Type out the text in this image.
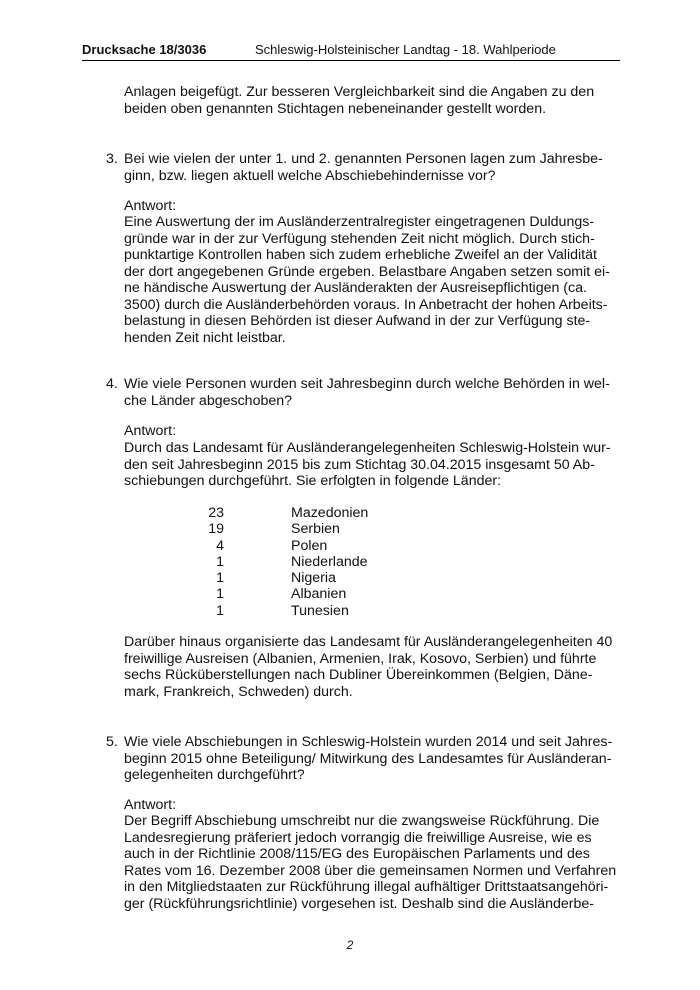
Drucksache 18/3036	Schleswig-Holsteinischer Landtag - 18. Wahlperiode
Anlagen beigefügt. Zur besseren Vergleichbarkeit sind die Angaben zu den
beiden oben genannten Stichtagen nebeneinander gestellt worden.
3. Bei wie vielen der unter 1. und 2. genannten Personen lagen zum Jahresbe-
ginn, bzw. liegen aktuell welche Abschiebehindernisse vor?
Antwort:
Eine Auswertung der im Ausländerzentralregister eingetragenen Duldungs-
gründe war in der zur Verfügung stehenden Zeit nicht möglich. Durch stich-
punktartige Kontrollen haben sich zudem erhebliche Zweifel an der Validität
der dort angegebenen Gründe ergeben. Belastbare Angaben setzen somit ei-
ne händische Auswertung der Ausländerakten der Ausreisepflichtigen (ca.
3500) durch die Ausländerbehörden voraus. In Anbetracht der hohen Arbeits-
belastung in diesen Behörden ist dieser Aufwand in der zur Verfügung ste-
henden Zeit nicht leistbar.
4. Wie viele Personen wurden seit Jahresbeginn durch welche Behörden in wel-
che Länder abgeschoben?
Antwort:
Durch das Landesamt für Ausländerangelegenheiten Schleswig-Holstein wur-
den seit Jahresbeginn 2015 bis zum Stichtag 30.04.2015 insgesamt 50 Ab-
schiebungen durchgeführt. Sie erfolgten in folgende Länder:
23	Mazedonien
19	Serbien
4	Polen
1	Niederlande
1	Nigeria
1	Albanien
1	Tunesien
Darüber hinaus organisierte das Landesamt für Ausländerangelegenheiten 40
freiwillige Ausreisen (Albanien, Armenien, Irak, Kosovo, Serbien) und führte
sechs Rücküberstellungen nach Dubliner Übereinkommen (Belgien, Däne-
mark, Frankreich, Schweden) durch.
5. Wie viele Abschiebungen in Schleswig-Holstein wurden 2014 und seit Jahres-
beginn 2015 ohne Beteiligung/ Mitwirkung des Landesamtes für Ausländeran-
gelegenheiten durchgeführt?
Antwort:
Der Begriff Abschiebung umschreibt nur die zwangsweise Rückführung. Die
Landesregierung präferiert jedoch vorrangig die freiwillige Ausreise, wie es
auch in der Richtlinie 2008/115/EG des Europäischen Parlaments und des
Rates vom 16. Dezember 2008 über die gemeinsamen Normen und Verfahren
in den Mitgliedstaaten zur Rückführung illegal aufhältiger Drittstaatsangehöri-
ger (Rückführungsrichtlinie) vorgesehen ist. Deshalb sind die Ausländerbe-
2
